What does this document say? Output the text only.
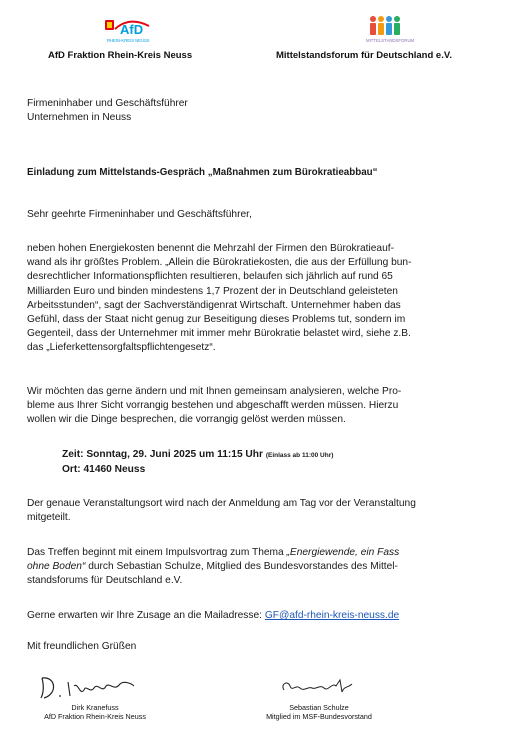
AfD
RHEIN-KREIS NEUSS
AfD Fraktion Rhein-Kreis Neuss
MITTELSTANDSFORUM
Mittelstandsforum für Deutschland e.V.
Firmeninhaber und Geschäftsführer
Unternehmen in Neuss
Einladung zum Mittelstands-Gespräch „Maßnahmen zum Bürokratieabbau“
Sehr geehrte Firmeninhaber und Geschäftsführer,
neben hohen Energiekosten benennt die Mehrzahl der Firmen den Bürokratieauf-
wand als ihr größtes Problem. „Allein die Bürokratiekosten, die aus der Erfüllung bun-
desrechtlicher Informationspflichten resultieren, belaufen sich jährlich auf rund 65
Milliarden Euro und binden mindestens 1,7 Prozent der in Deutschland geleisteten
Arbeitsstunden“, sagt der Sachverständigenrat Wirtschaft. Unternehmer haben das
Gefühl, dass der Staat nicht genug zur Beseitigung dieses Problems tut, sondern im
Gegenteil, dass der Unternehmer mit immer mehr Bürokratie belastet wird, siehe z.B.
das „Lieferkettensorgfaltspflichtengesetz“.
Wir möchten das gerne ändern und mit Ihnen gemeinsam analysieren, welche Pro-
bleme aus Ihrer Sicht vorrangig bestehen und abgeschafft werden müssen. Hierzu
wollen wir die Dinge besprechen, die vorrangig gelöst werden müssen.
Zeit: Sonntag, 29. Juni 2025 um 11:15 Uhr (Einlass ab 11:00 Uhr)
Ort: 41460 Neuss
Der genaue Veranstaltungsort wird nach der Anmeldung am Tag vor der Veranstaltung
mitgeteilt.
Das Treffen beginnt mit einem Impulsvortrag zum Thema „Energiewende, ein Fass
ohne Boden“ durch Sebastian Schulze, Mitglied des Bundesvorstandes des Mittel-
standsforums für Deutschland e.V.
Gerne erwarten wir Ihre Zusage an die Mailadresse: GF@afd-rhein-kreis-neuss.de
Mit freundlichen Grüßen
Dirk Kranefuss
AfD Fraktion Rhein-Kreis Neuss
Sebastian Schulze
Mitglied im MSF-Bundesvorstand
